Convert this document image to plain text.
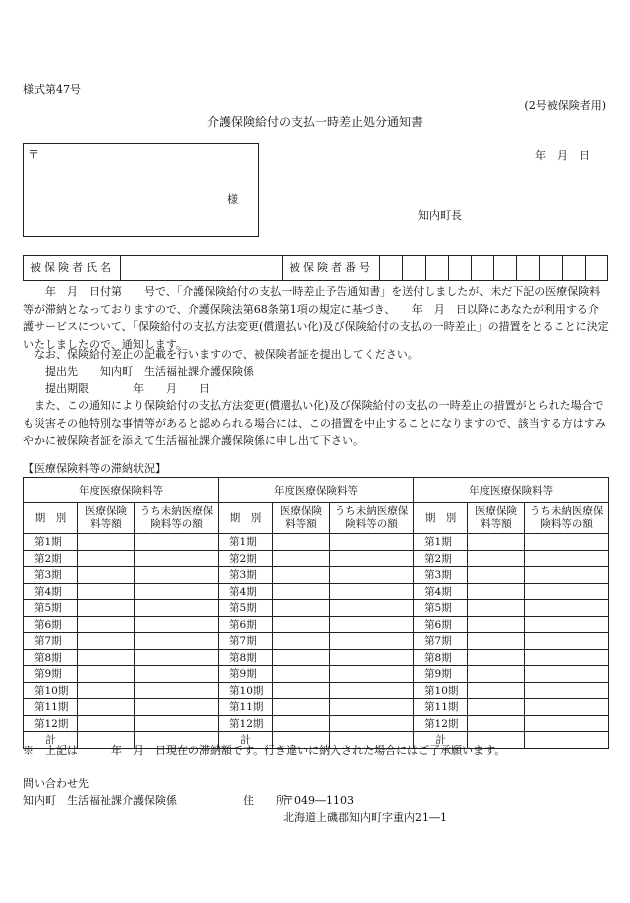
様式第47号
(2号被保険者用)
介護保険給付の支払一時差止処分通知書
〒
様
年　月　日
知内町長
被保険者氏名	被保険者番号
　　年　月　日付第　　号で、「介護保険給付の支払一時差止予告通知書」を送付しましたが、未だ下記の医療保険料等が滞納となっておりますので、介護保険法第68条第1項の規定に基づき、　　年　月　日以降にあなたが利用する介護サービスについて、「保険給付の支払方法変更(償還払い化)及び保険給付の支払の一時差止」の措置をとることに決定いたしましたので、通知します。
　なお、保険給付差止の記載を行いますので、被保険者証を提出してください。
　　提出先　　知内町　生活福祉課介護保険係
　　提出期限　　　　年　　月　　日
　また、この通知により保険給付の支払方法変更(償還払い化)及び保険給付の支払の一時差止の措置がとられた場合でも災害その他特別な事情等があると認められる場合には、この措置を中止することになりますので、該当する方はすみやかに被保険者証を添えて生活福祉課介護保険係に申し出て下さい。
【医療保険料等の滞納状況】
年度医療保険料等			年度医療保険料等			年度医療保険料等		
期　別	医療保険料等額	うち未納医療保険料等の額	期　別	医療保険料等額	うち未納医療保険料等の額	期　別	医療保険料等額	うち未納医療保険料等の額
第1期			第1期			第1期		
第2期			第2期			第2期		
第3期			第3期			第3期		
第4期			第4期			第4期		
第5期			第5期			第5期		
第6期			第6期			第6期		
第7期			第7期			第7期		
第8期			第8期			第8期		
第9期			第9期			第9期		
第10期			第10期			第10期		
第11期			第11期			第11期		
第12期			第12期			第12期		
計			計			計		
※　上記は　　　年　月　日現在の滞納額です。行き違いに納入された場合にはご了承願います。
問い合わせ先
知内町　生活福祉課介護保険係	住　　所
〒049―1103
北海道上磯郡知内町字重内21―1
